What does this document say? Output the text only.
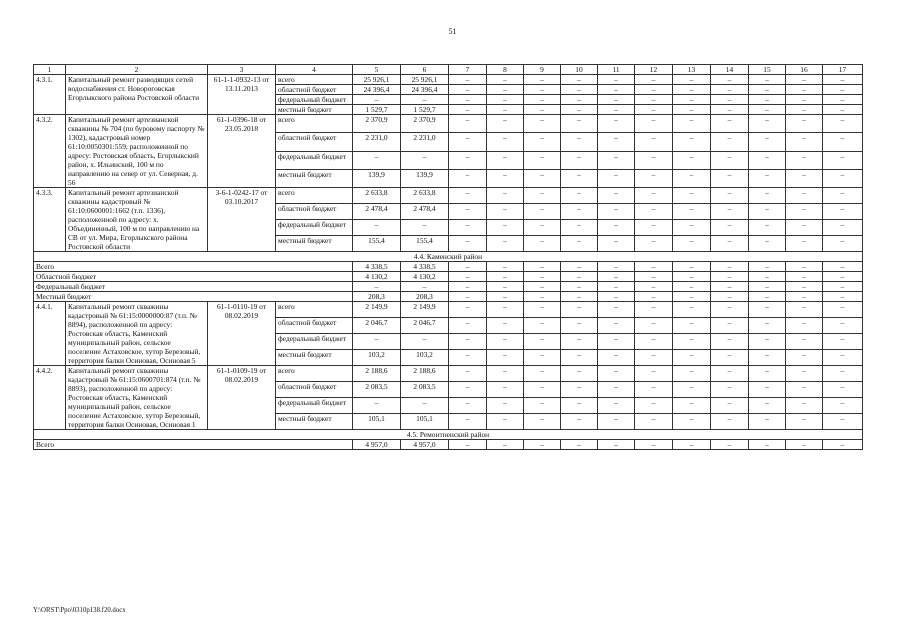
51
1	2	3	4	5	6	7	8	9	10	11	12	13	14	15	16	17
4.3.1.	Капитальный ремонт разводящих сетей водоснабжения ст. Новороговская Егорлыкского района Ростовской области	61-1-1-0932-13 от 13.11.2013	всего	25 926,1	25 926,1	–	–	–	–	–	–	–	–	–	–	–
			областной бюджет	24 396,4	24 396,4	–	–	–	–	–	–	–	–	–	–	–
			федеральный бюджет	–	–	–	–	–	–	–	–	–	–	–	–	–
			местный бюджет	1 529,7	1 529,7	–	–	–	–	–	–	–	–	–	–	–
4.3.2.	Капитальный ремонт артезианской скважины № 704 (по буровому паспорту № 1302), кадастровый номер 61:10:0050301:559, расположенной по адресу: Ростовская область, Егорлыкский район, х. Ильинский, 100 м по направлению на север от ул. Северная, д. 56	61-1-0396-18 от 23.05.2018	всего	2 370,9	2 370,9	–	–	–	–	–	–	–	–	–	–	–
			областной бюджет	2 231,0	2 231,0	–	–	–	–	–	–	–	–	–	–	–
			федеральный бюджет	–	–	–	–	–	–	–	–	–	–	–	–	–
			местный бюджет	139,9	139,9	–	–	–	–	–	–	–	–	–	–	–
4.3.3.	Капитальный ремонт артезианской скважины кадастровый № 61:10:0600001:1662 (т.п. 1336), расположенной по адресу: х. Объединенный, 100 м по направлению на СВ от ул. Мира, Егорлыкского района Ростовской области	3-6-1-0242-17 от 03.10.2017	всего	2 633,8	2 633,8	–	–	–	–	–	–	–	–	–	–	–
			областной бюджет	2 478,4	2 478,4	–	–	–	–	–	–	–	–	–	–	–
			федеральный бюджет	–	–	–	–	–	–	–	–	–	–	–	–	–
			местный бюджет	155,4	155,4	–	–	–	–	–	–	–	–	–	–	–
4.4. Каменский район																
Всего				4 338,5	4 338,5	–	–	–	–	–	–	–	–	–	–	–
Областной бюджет				4 130,2	4 130,2	–	–	–	–	–	–	–	–	–	–	–
Федеральный бюджет				–	–	–	–	–	–	–	–	–	–	–	–	–
Местный бюджет				208,3	208,3	–	–	–	–	–	–	–	–	–	–	–
4.4.1.	Капитальный ремонт скважины кадастровый № 61:15:0000000:87 (т.п. № 8894), расположенной по адресу: Ростовская область, Каменский муниципальный район, сельское поселение Астаховское, хутор Березовый, территория балки Осиновая, Осиновая 5	61-1-0110-19 от 08.02.2019	всего	2 149,9	2 149,9	–	–	–	–	–	–	–	–	–	–	–
			областной бюджет	2 046,7	2 046,7	–	–	–	–	–	–	–	–	–	–	–
			федеральный бюджет	–	–	–	–	–	–	–	–	–	–	–	–	–
			местный бюджет	103,2	103,2	–	–	–	–	–	–	–	–	–	–	–
4.4.2.	Капитальный ремонт скважины кадастровый № 61:15:0600701:874 (т.п. № 8893), расположенной по адресу: Ростовская область, Каменский муниципальный район, сельское поселение Астаховское, хутор Березовый, территория балки Осиновая, Осиновая 1	61-1-0109-19 от 08.02.2019	всего	2 188,6	2 188,6	–	–	–	–	–	–	–	–	–	–	–
			областной бюджет	2 083,5	2 083,5	–	–	–	–	–	–	–	–	–	–	–
			федеральный бюджет	–	–	–	–	–	–	–	–	–	–	–	–	–
			местный бюджет	105,1	105,1	–	–	–	–	–	–	–	–	–	–	–
4.5. Ремонтненский район																
Всего				4 957,0	4 957,0	–	–	–	–	–	–	–	–	–	–	–
Y:\ORST\Ppo\0310p138.f20.docx
